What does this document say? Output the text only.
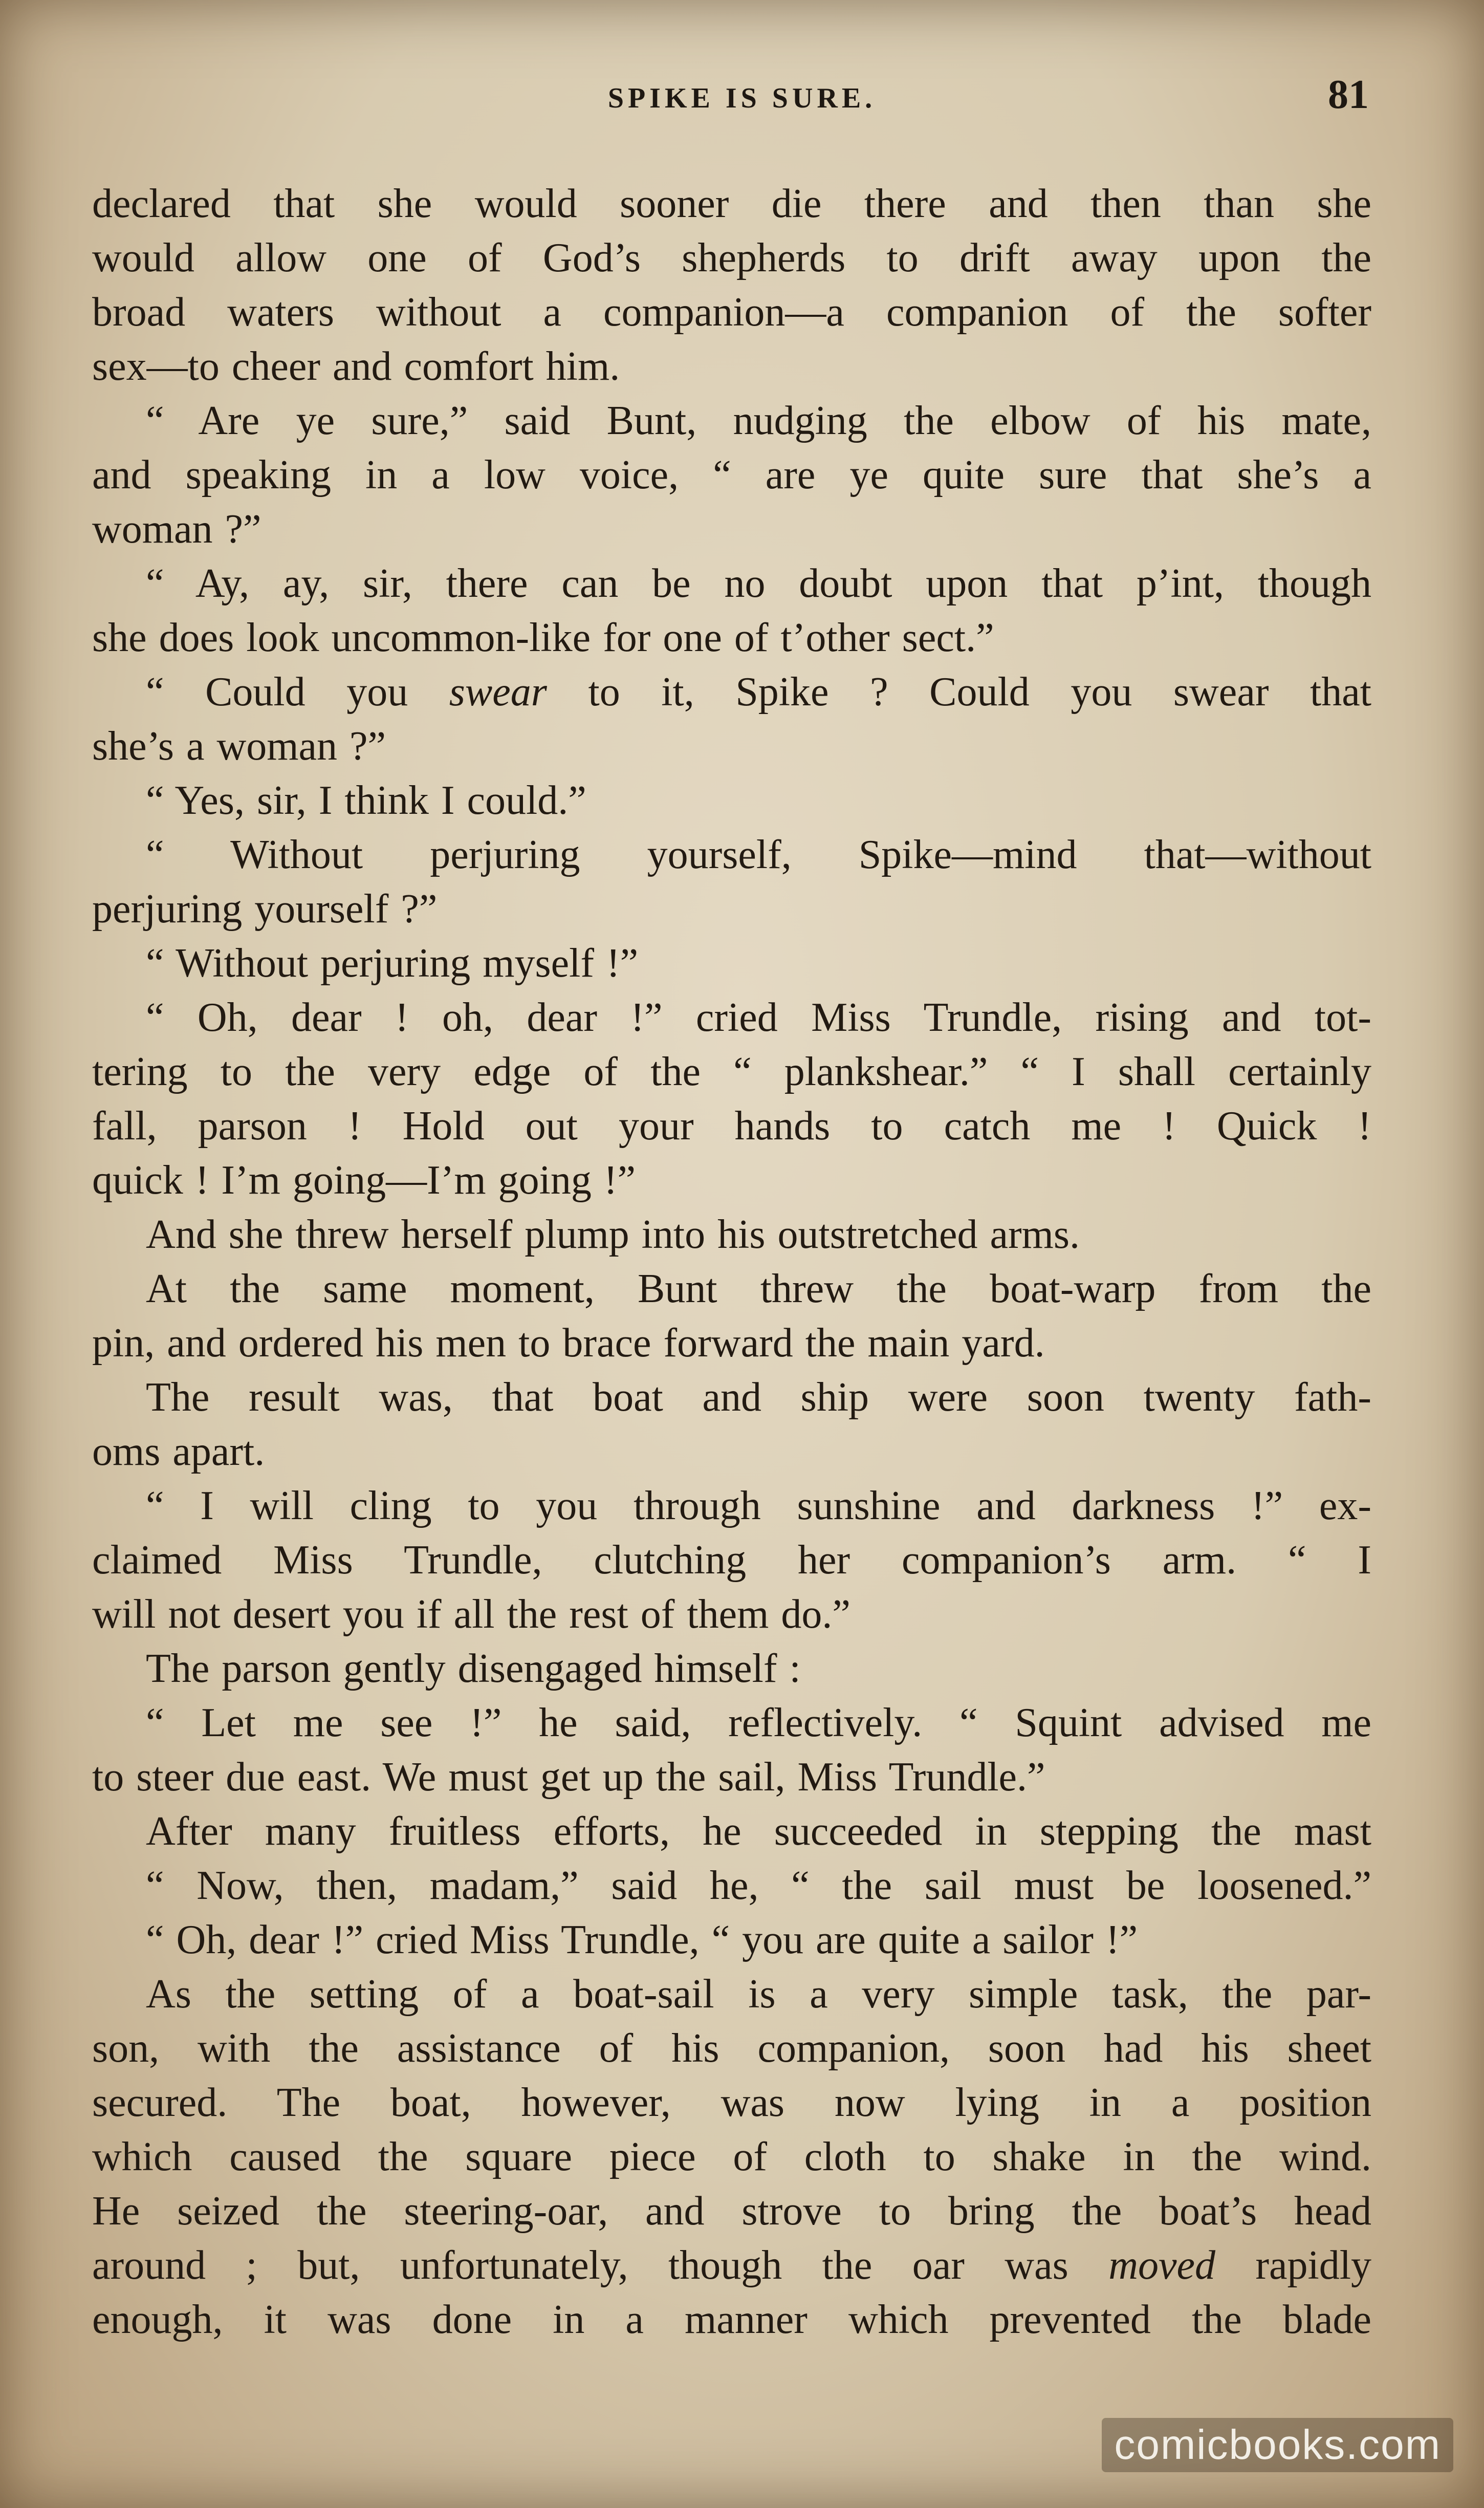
SPIKE IS SURE.	81
declared that she would sooner die there and then than she
would allow one of God’s shepherds to drift away upon the
broad waters without a companion—a companion of the softer
sex—to cheer and comfort him.
“ Are ye sure,” said Bunt, nudging the elbow of his mate,
and speaking in a low voice, “ are ye quite sure that she’s a
woman ?”
“ Ay, ay, sir, there can be no doubt upon that p’int, though
she does look uncommon-like for one of t’other sect.”
“ Could you swear to it, Spike ? Could you swear that
she’s a woman ?”
“ Yes, sir, I think I could.”
“ Without perjuring yourself, Spike—mind that—without
perjuring yourself ?”
“ Without perjuring myself !”
“ Oh, dear ! oh, dear !” cried Miss Trundle, rising and tot-
tering to the very edge of the “ plankshear.” “ I shall certainly
fall, parson ! Hold out your hands to catch me ! Quick !
quick ! I’m going—I’m going !”
And she threw herself plump into his outstretched arms.
At the same moment, Bunt threw the boat-warp from the
pin, and ordered his men to brace forward the main yard.
The result was, that boat and ship were soon twenty fath-
oms apart.
“ I will cling to you through sunshine and darkness !” ex-
claimed Miss Trundle, clutching her companion’s arm. “ I
will not desert you if all the rest of them do.”
The parson gently disengaged himself :
“ Let me see !” he said, reflectively. “ Squint advised me
to steer due east. We must get up the sail, Miss Trundle.”
After many fruitless efforts, he succeeded in stepping the mast
“ Now, then, madam,” said he, “ the sail must be loosened.”
“ Oh, dear !” cried Miss Trundle, “ you are quite a sailor !”
As the setting of a boat-sail is a very simple task, the par-
son, with the assistance of his companion, soon had his sheet
secured. The boat, however, was now lying in a position
which caused the square piece of cloth to shake in the wind.
He seized the steering-oar, and strove to bring the boat’s head
around ; but, unfortunately, though the oar was moved rapidly
enough, it was done in a manner which prevented the blade
comicbooks.com
